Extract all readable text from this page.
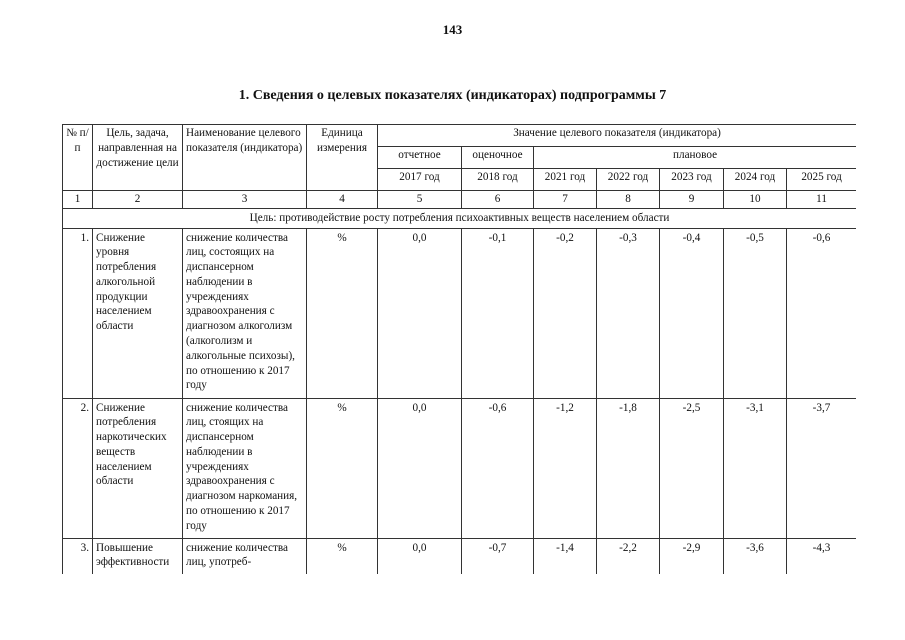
143
1. Сведения о целевых показателях (индикаторах) подпрограммы 7
№ п/п	Цель, задача, направленная на достижение цели	Наименование целевого показателя (индикатора)	Единица измерения	Значение целевого показателя (индикатора)						
				отчетное	оценочное	плановое				
				2017 год	2018 год	2021 год	2022 год	2023 год	2024 год	2025 год
1	2	3	4	5	6	7	8	9	10	11
Цель: противодействие росту потребления психоактивных веществ населением области										
1.	Снижение уровня потребления алкогольной продукции населением области	снижение количества лиц, состоящих на диспансерном наблюдении в учреждениях здравоохранения с диагнозом алкоголизм (алкоголизм и алкогольные психозы), по отношению к 2017 году	%	0,0	-0,1	-0,2	-0,3	-0,4	-0,5	-0,6
2.	Снижение потребления наркотических веществ населением области	снижение количества лиц, стоящих на диспансерном наблюдении в учреждениях здравоохранения с диагнозом наркомания, по отношению к 2017 году	%	0,0	-0,6	-1,2	-1,8	-2,5	-3,1	-3,7
3.	Повышение эффективности	снижение количества лиц, употреб-	%	0,0	-0,7	-1,4	-2,2	-2,9	-3,6	-4,3
